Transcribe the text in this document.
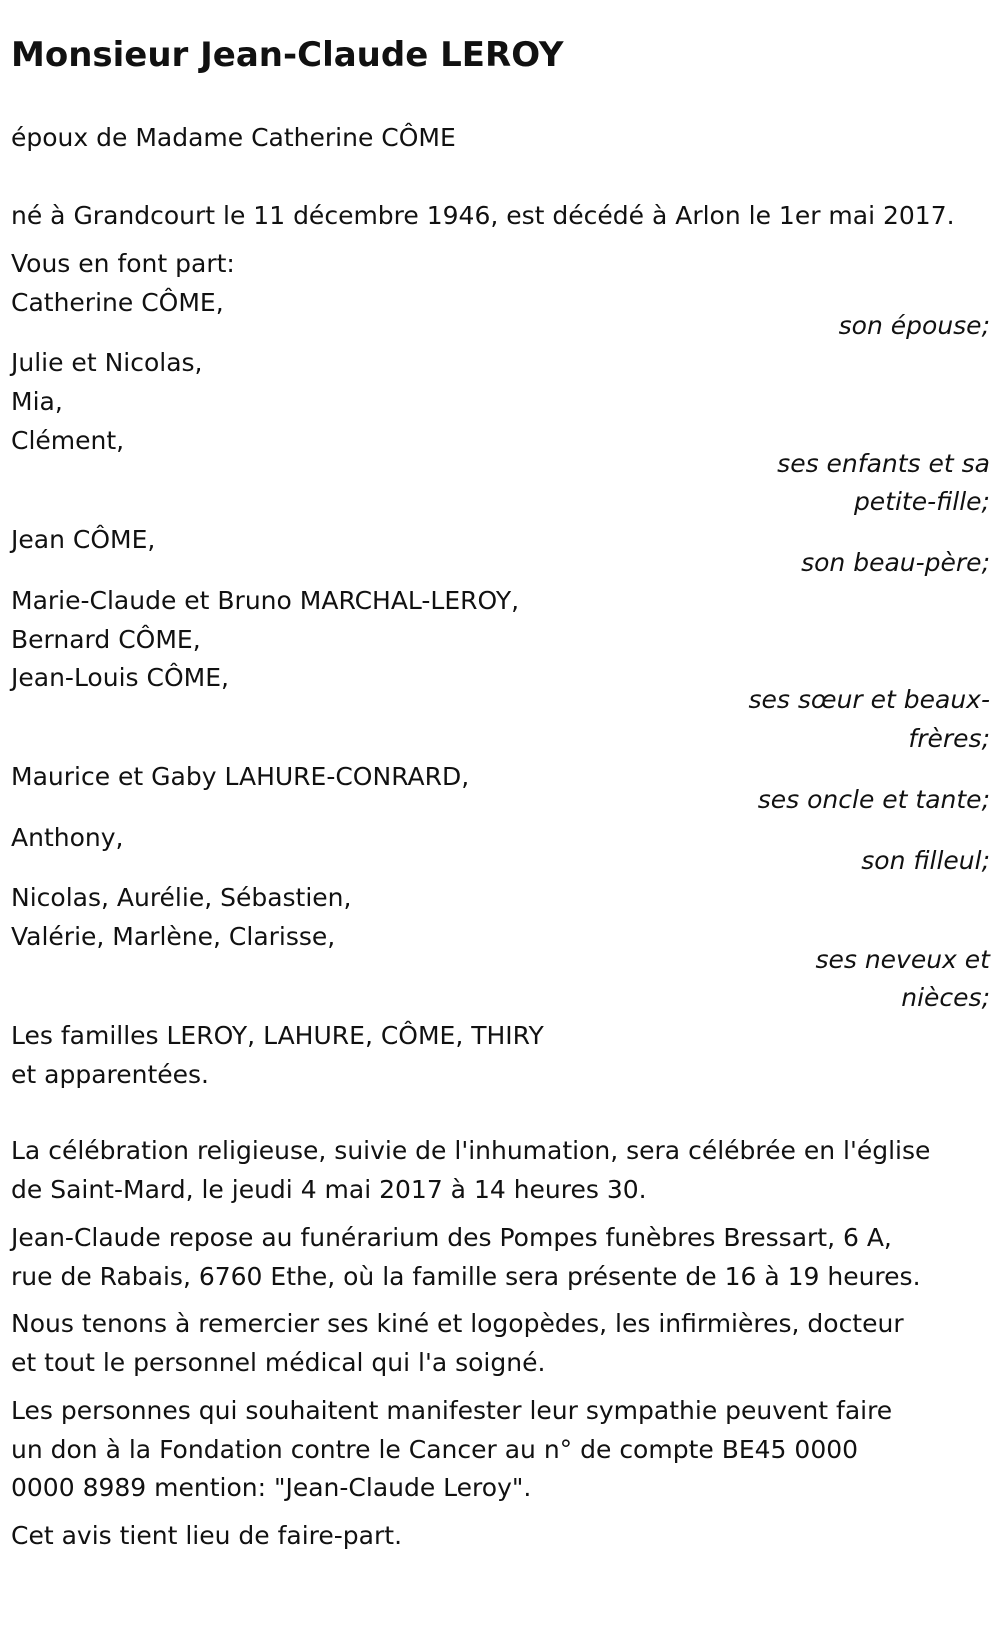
Monsieur Jean-Claude LEROY
époux de Madame Catherine CÔME
né à Grandcourt le 11 décembre 1946, est décédé à Arlon le 1er mai 2017.
Vous en font part:
Catherine CÔME,
son épouse;
Julie et Nicolas,
Mia,
Clément,
ses enfants et sa
petite-fille;
Jean CÔME,
son beau-père;
Marie-Claude et Bruno MARCHAL-LEROY,
Bernard CÔME,
Jean-Louis CÔME,
ses sœur et beaux-
frères;
Maurice et Gaby LAHURE-CONRARD,
ses oncle et tante;
Anthony,
son filleul;
Nicolas, Aurélie, Sébastien,
Valérie, Marlène, Clarisse,
ses neveux et
nièces;
Les familles LEROY, LAHURE, CÔME, THIRY
et apparentées.
La célébration religieuse, suivie de l'inhumation, sera célébrée en l'église
de Saint-Mard, le jeudi 4 mai 2017 à 14 heures 30.
Jean-Claude repose au funérarium des Pompes funèbres Bressart, 6 A,
rue de Rabais, 6760 Ethe, où la famille sera présente de 16 à 19 heures.
Nous tenons à remercier ses kiné et logopèdes, les infirmières, docteur
et tout le personnel médical qui l'a soigné.
Les personnes qui souhaitent manifester leur sympathie peuvent faire
un don à la Fondation contre le Cancer au n° de compte BE45 0000
0000 8989 mention: "Jean-Claude Leroy".
Cet avis tient lieu de faire-part.
